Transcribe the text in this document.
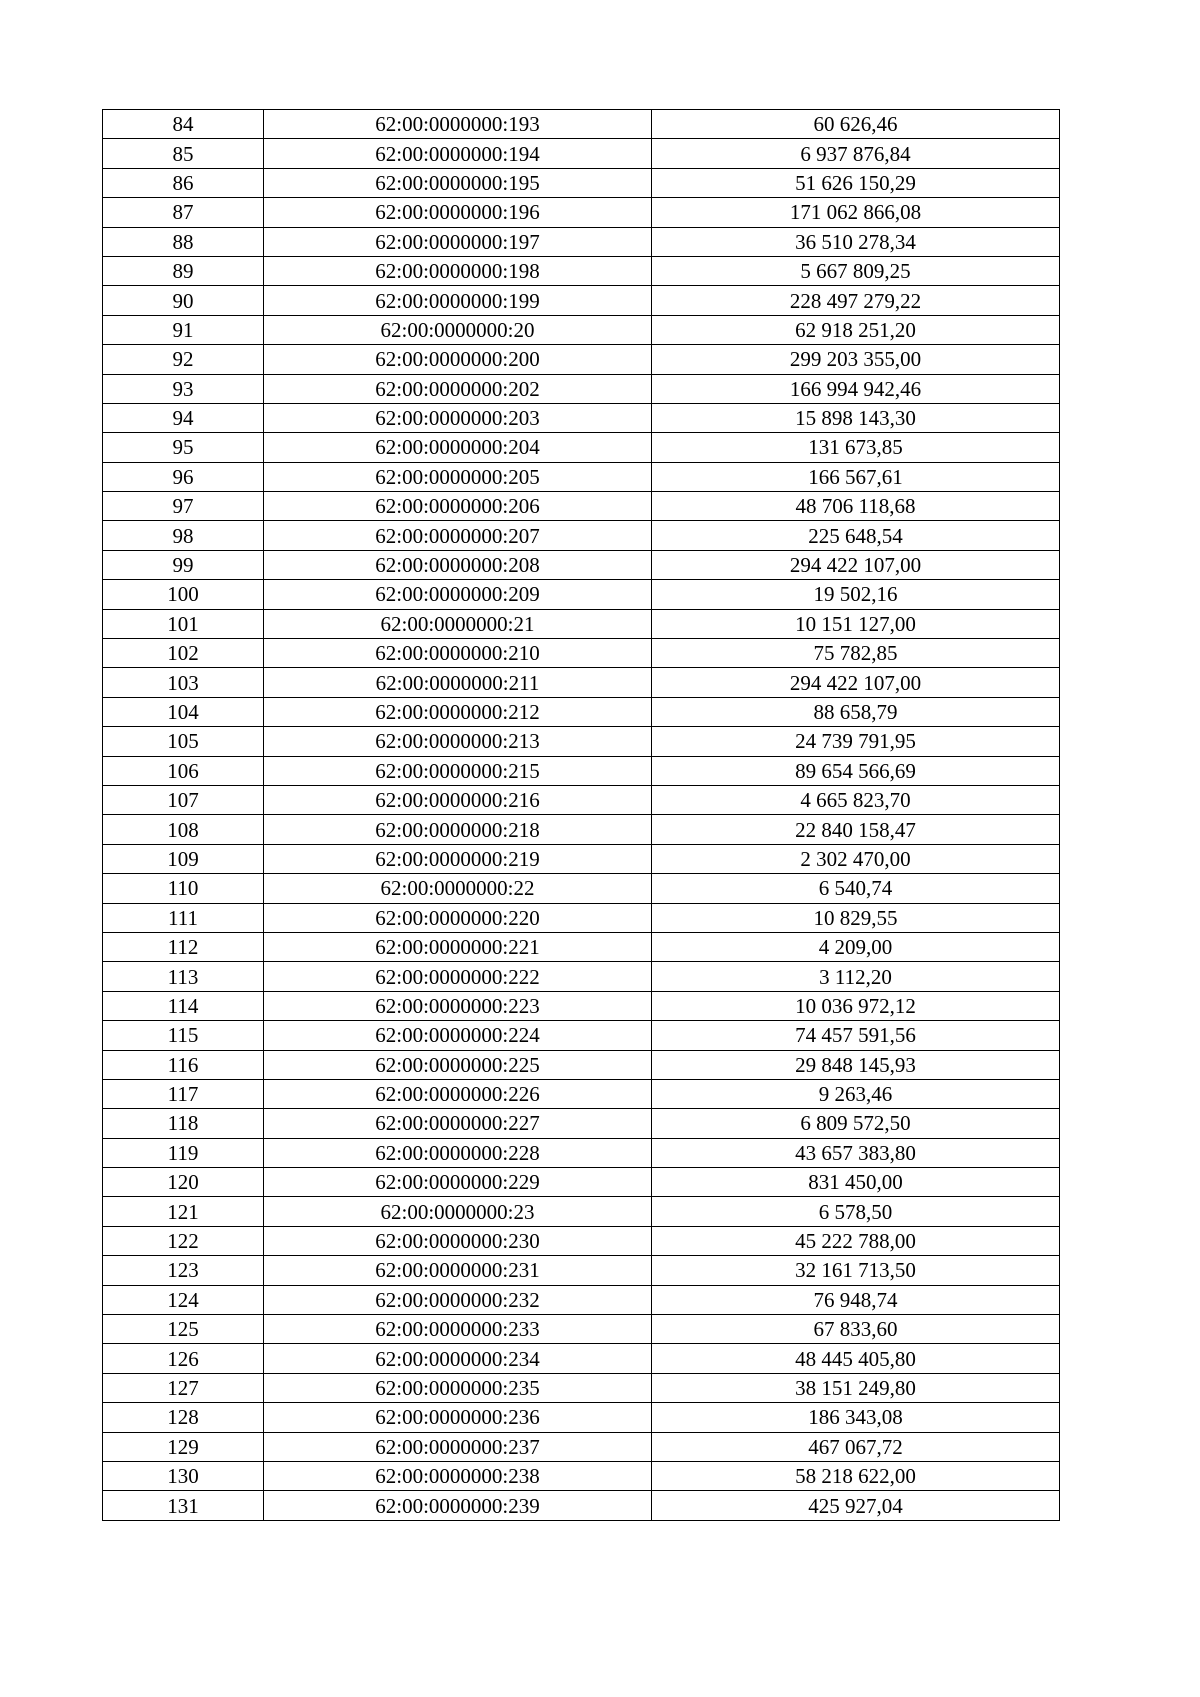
84	62:00:0000000:193	60 626,46
85	62:00:0000000:194	6 937 876,84
86	62:00:0000000:195	51 626 150,29
87	62:00:0000000:196	171 062 866,08
88	62:00:0000000:197	36 510 278,34
89	62:00:0000000:198	5 667 809,25
90	62:00:0000000:199	228 497 279,22
91	62:00:0000000:20	62 918 251,20
92	62:00:0000000:200	299 203 355,00
93	62:00:0000000:202	166 994 942,46
94	62:00:0000000:203	15 898 143,30
95	62:00:0000000:204	131 673,85
96	62:00:0000000:205	166 567,61
97	62:00:0000000:206	48 706 118,68
98	62:00:0000000:207	225 648,54
99	62:00:0000000:208	294 422 107,00
100	62:00:0000000:209	19 502,16
101	62:00:0000000:21	10 151 127,00
102	62:00:0000000:210	75 782,85
103	62:00:0000000:211	294 422 107,00
104	62:00:0000000:212	88 658,79
105	62:00:0000000:213	24 739 791,95
106	62:00:0000000:215	89 654 566,69
107	62:00:0000000:216	4 665 823,70
108	62:00:0000000:218	22 840 158,47
109	62:00:0000000:219	2 302 470,00
110	62:00:0000000:22	6 540,74
111	62:00:0000000:220	10 829,55
112	62:00:0000000:221	4 209,00
113	62:00:0000000:222	3 112,20
114	62:00:0000000:223	10 036 972,12
115	62:00:0000000:224	74 457 591,56
116	62:00:0000000:225	29 848 145,93
117	62:00:0000000:226	9 263,46
118	62:00:0000000:227	6 809 572,50
119	62:00:0000000:228	43 657 383,80
120	62:00:0000000:229	831 450,00
121	62:00:0000000:23	6 578,50
122	62:00:0000000:230	45 222 788,00
123	62:00:0000000:231	32 161 713,50
124	62:00:0000000:232	76 948,74
125	62:00:0000000:233	67 833,60
126	62:00:0000000:234	48 445 405,80
127	62:00:0000000:235	38 151 249,80
128	62:00:0000000:236	186 343,08
129	62:00:0000000:237	467 067,72
130	62:00:0000000:238	58 218 622,00
131	62:00:0000000:239	425 927,04
